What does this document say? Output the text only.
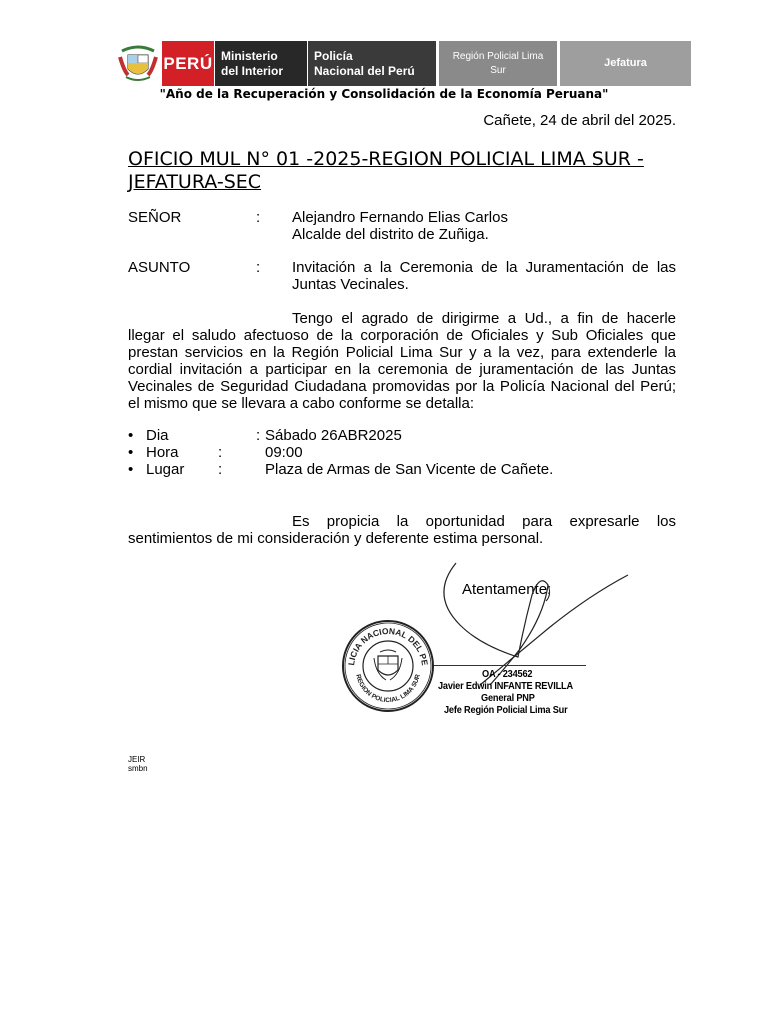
PERÚ Ministerio
del Interior
Policía
Nacional del Perú
Región Policial Lima
Sur
Jefatura
"Año de la Recuperación y Consolidación de la Economía Peruana"
Cañete, 24 de abril del 2025.
OFICIO MUL N° 01 -2025-REGION POLICIAL LIMA SUR - JEFATURA-SEC
SEÑOR	: Alejandro Fernando Elias Carlos
Alcalde del distrito de Zuñiga.
ASUNTO	: Invitación a la Ceremonia de la Juramentación de las Juntas Vecinales.
Tengo el agrado de dirigirme a Ud., a fin de hacerle
llegar el saludo afectuoso de la corporación de Oficiales y Sub Oficiales que prestan servicios en la Región Policial Lima Sur y a la vez, para extenderle la cordial invitación a participar en la ceremonia de juramentación de las Juntas Vecinales de Seguridad Ciudadana promovidas por la Policía Nacional del Perú; el mismo que se llevara a cabo conforme se detalla:
• Dia	: Sábado 26ABR2025
• Hora	:	09:00
• Lugar :	Plaza de Armas de San Vicente de Cañete.
Es propicia la oportunidad para expresarle los
sentimientos de mi consideración y deferente estima personal.
Atentamente;
LICIA NACIONAL DEL PE
REGION POLICIAL LIMA SUR	OA - 234562
Javier Edwin INFANTE REVILLA
General PNP
Jefe Región Policial Lima Sur
JEIR
smbn
